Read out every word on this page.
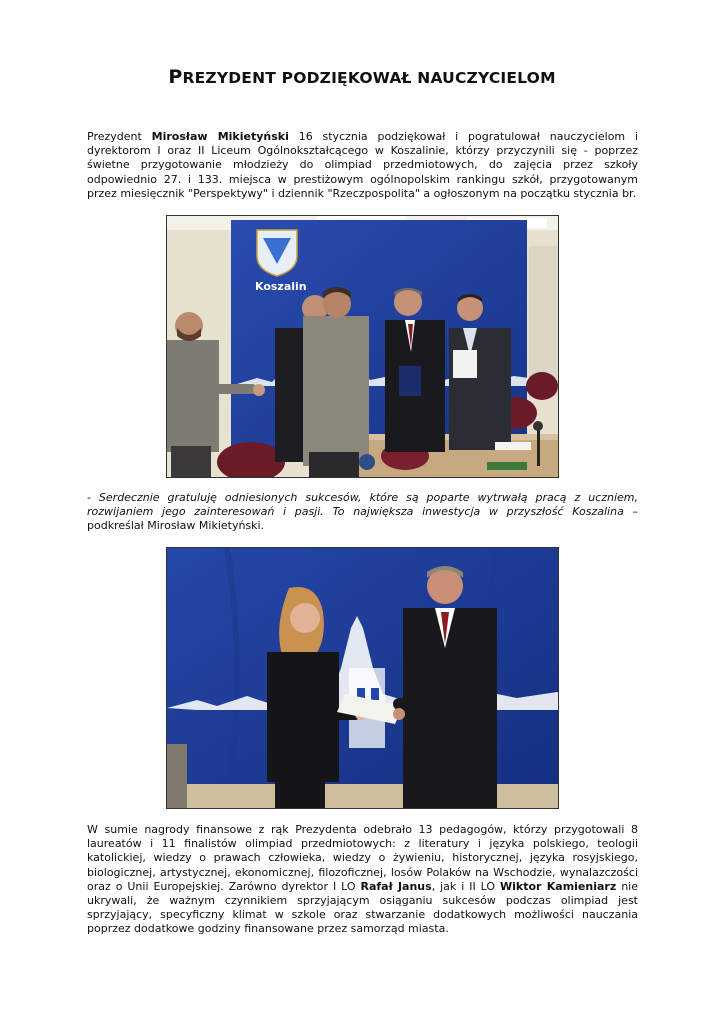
PREZYDENT PODZIĘKOWAŁ NAUCZYCIELOM

Prezydent Mirosław Mikietyński 16 stycznia podziękował i pogratulował nauczycielom i dyrektorom I oraz II Liceum Ogólnokształcącego w Koszalinie, którzy przyczynili się - poprzez świetne przygotowanie młodzieży do olimpiad przedmiotowych, do zajęcia przez szkoły odpowiednio 27. i 133. miejsca w prestiżowym ogólnopolskim rankingu szkół, przygotowanym przez miesięcznik "Perspektywy" i dziennik "Rzeczpospolita" a ogłoszonym na początku stycznia br.

Koszalin

- Serdecznie gratuluję odniesionych sukcesów, które są poparte wytrwałą pracą z uczniem, rozwijaniem jego zainteresowań i pasji. To największa inwestycja w przyszłość Koszalina – podkreślał Mirosław Mikietyński.

W sumie nagrody finansowe z rąk Prezydenta odebrało 13 pedagogów, którzy przygotowali 8 laureatów i 11 finalistów olimpiad przedmiotowych: z literatury i języka polskiego, teologii katolickiej, wiedzy o prawach człowieka, wiedzy o żywieniu, historycznej, języka rosyjskiego, biologicznej, artystycznej, ekonomicznej, filozoficznej, losów Polaków na Wschodzie, wynalazczości oraz o Unii Europejskiej. Zarówno dyrektor I LO Rafał Janus, jak i II LO Wiktor Kamieniarz nie ukrywali, że ważnym czynnikiem sprzyjającym osiąganiu sukcesów podczas olimpiad jest sprzyjający, specyficzny klimat w szkole oraz stwarzanie dodatkowych możliwości nauczania poprzez dodatkowe godziny finansowane przez samorząd miasta.
